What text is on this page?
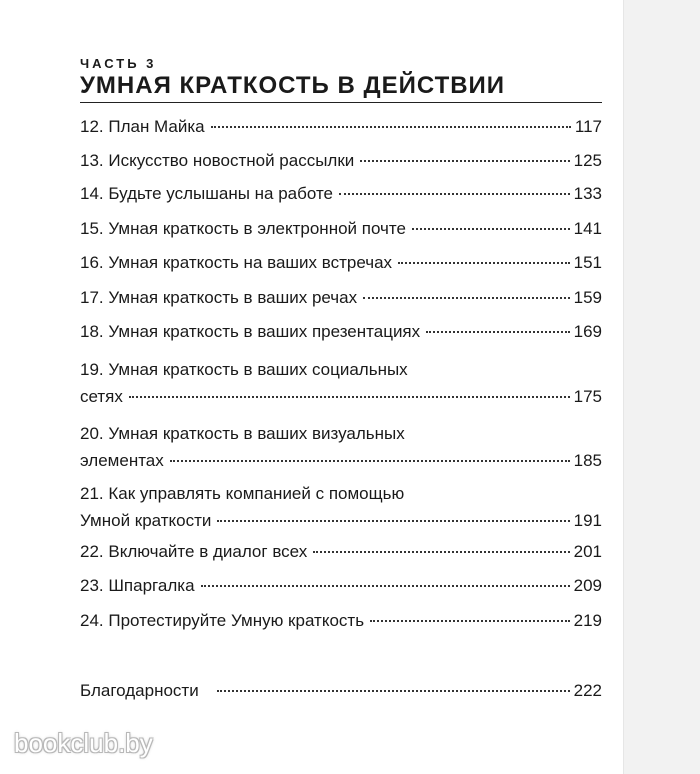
ЧАСТЬ 3

УМНАЯ КРАТКОСТЬ В ДЕЙСТВИИ
12. План Майка	117
13. Искусство новостной рассылки	125
14. Будьте услышаны на работе	133
15. Умная краткость в электронной почте	141
16. Умная краткость на ваших встречах	151
17. Умная краткость в ваших речах	159
18. Умная краткость в ваших презентациях	169
19. Умная краткость в ваших социальных
сетях	175
20. Умная краткость в ваших визуальных
элементах	185
21. Как управлять компанией с помощью
Умной краткости	191
22. Включайте в диалог всех	201
23. Шпаргалка	209
24. Протестируйте Умную краткость	219
Благодарности	222
bookclub.by
